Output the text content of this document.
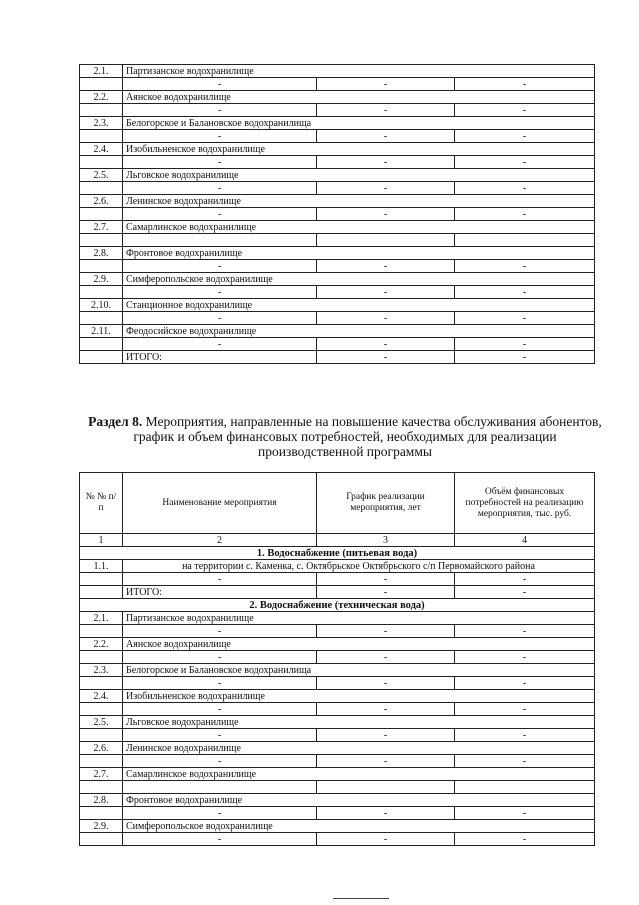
2.1.	Партизанское водохранилище		
	-	-	-
2.2.	Аянское водохранилище		
	-	-	-
2.3.	Белогорское и Балановское водохранилища		
	-	-	-
2.4.	Изобильненское водохранилище		
	-	-	-
2.5.	Льговское водохранилище		
	-	-	-
2.6.	Ленинское водохранилище		
	-	-	-
2.7.	Самарлинское водохранилище		

2.8.	Фронтовое водохранилище		
	-	-	-
2.9.	Симферопольское водохранилище		
	-	-	-
2.10.	Станционное водохранилище		
	-	-	-
2.11.	Феодосийское водохранилище		
	-	-	-
	ИТОГО:	-	-
Раздел 8. Мероприятия, направленные на повышение качества обслуживания абонентов, график и объем финансовых потребностей, необходимых для реализации производственной программы
№ № п/ п	Наименование мероприятия	График реализации мероприятия, лет	Объём финансовых потребностей на реализацию мероприятия, тыс. руб.
1	2	3	4
1. Водоснабжение (питьевая вода)			
1.1.	на территории с. Каменка, с. Октябрьское Октябрьского с/п Первомайского района		
	-	-	-
	ИТОГО:	-	-
2. Водоснабжение (техническая вода)			
2.1.	Партизанское водохранилище		
	-	-	-
2.2.	Аянское водохранилище		
	-	-	-
2.3.	Белогорское и Балановское водохранилища		
	-	-	-
2.4.	Изобильненское водохранилище		
	-	-	-
2.5.	Льговское водохранилище		
	-	-	-
2.6.	Ленинское водохранилище		
	-	-	-
2.7.	Самарлинское водохранилище		

2.8.	Фронтовое водохранилище		
	-	-	-
2.9.	Симферопольское водохранилище		
	-	-	-
